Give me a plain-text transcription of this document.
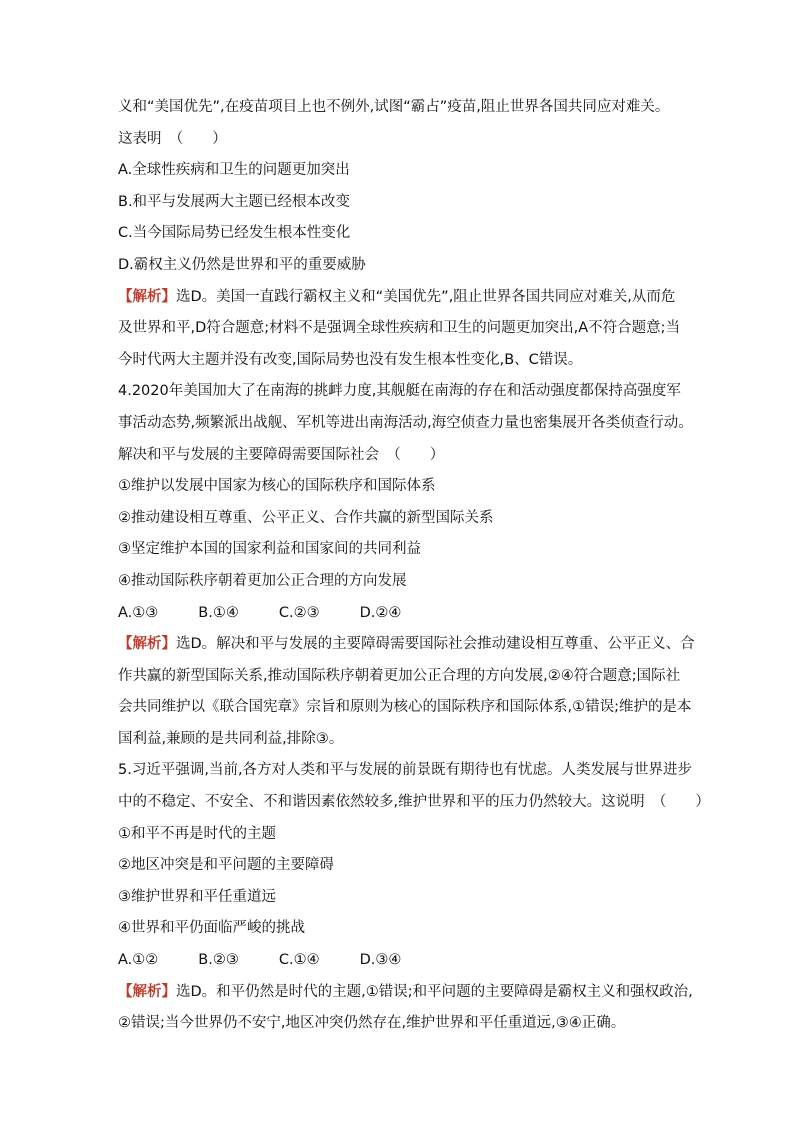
义和“美国优先”,在疫苗项目上也不例外,试图“霸占”疫苗,阻止世界各国共同应对难关。
这表明　（　　）
A.全球性疾病和卫生的问题更加突出
B.和平与发展两大主题已经根本改变
C.当今国际局势已经发生根本性变化
D.霸权主义仍然是世界和平的重要威胁
【解析】选D。美国一直践行霸权主义和“美国优先”,阻止世界各国共同应对难关,从而危
及世界和平,D符合题意;材料不是强调全球性疾病和卫生的问题更加突出,A不符合题意;当
今时代两大主题并没有改变,国际局势也没有发生根本性变化,B、C错误。
4.2020年美国加大了在南海的挑衅力度,其舰艇在南海的存在和活动强度都保持高强度军
事活动态势,频繁派出战舰、军机等进出南海活动,海空侦查力量也密集展开各类侦查行动。
解决和平与发展的主要障碍需要国际社会　（　　）
①维护以发展中国家为核心的国际秩序和国际体系
②推动建设相互尊重、公平正义、合作共赢的新型国际关系
③坚定维护本国的国家利益和国家间的共同利益
④推动国际秩序朝着更加公正合理的方向发展
A.①③	B.①④	C.②③	D.②④
【解析】选D。解决和平与发展的主要障碍需要国际社会推动建设相互尊重、公平正义、合
作共赢的新型国际关系,推动国际秩序朝着更加公正合理的方向发展,②④符合题意;国际社
会共同维护以《联合国宪章》宗旨和原则为核心的国际秩序和国际体系,①错误;维护的是本
国利益,兼顾的是共同利益,排除③。
5.习近平强调,当前,各方对人类和平与发展的前景既有期待也有忧虑。人类发展与世界进步
中的不稳定、不安全、不和谐因素依然较多,维护世界和平的压力仍然较大。这说明　（　　）
①和平不再是时代的主题
②地区冲突是和平问题的主要障碍
③维护世界和平任重道远
④世界和平仍面临严峻的挑战
A.①②	B.②③	C.①④	D.③④
【解析】选D。和平仍然是时代的主题,①错误;和平问题的主要障碍是霸权主义和强权政治,
②错误;当今世界仍不安宁,地区冲突仍然存在,维护世界和平任重道远,③④正确。
